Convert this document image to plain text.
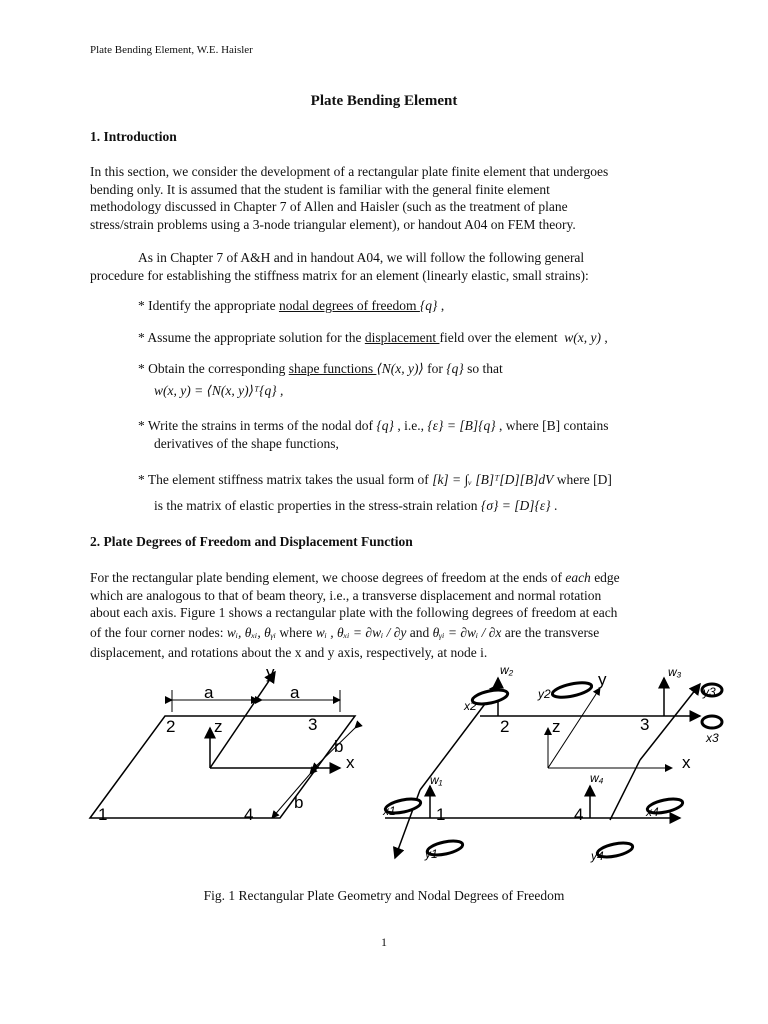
Plate Bending Element, W.E. Haisler
Plate Bending Element
1. Introduction
In this section, we consider the development of a rectangular plate finite element that undergoes
bending only. It is assumed that the student is familiar with the general finite element
methodology discussed in Chapter 7 of Allen and Haisler (such as the treatment of plane
stress/strain problems using a 3-node triangular element), or handout A04 on FEM theory.
As in Chapter 7 of A&H and in handout A04, we will follow the following general
procedure for establishing the stiffness matrix for an element (linearly elastic, small strains):
* Identify the appropriate nodal degrees of freedom {q} ,
* Assume the appropriate solution for the displacement field over the element w(x, y) ,
* Obtain the corresponding shape functions ⟨N(x, y)⟩ for {q} so that
w(x, y) = ⟨N(x, y)⟩ᵀ{q} ,
* Write the strains in terms of the nodal dof {q} , i.e., {ε} = [B]{q} , where [B] contains
derivatives of the shape functions,
* The element stiffness matrix takes the usual form of [k] = ∫ᵥ [B]ᵀ[D][B]dV where [D]
is the matrix of elastic properties in the stress-strain relation {σ} = [D]{ε} .
2. Plate Degrees of Freedom and Displacement Function
For the rectangular plate bending element, we choose degrees of freedom at the ends of each edge
which are analogous to that of beam theory, i.e., a transverse displacement and normal rotation
about each axis. Figure 1 shows a rectangular plate with the following degrees of freedom at each
of the four corner nodes: wᵢ, θₓᵢ, θᵧᵢ where wᵢ , θₓᵢ = ∂wᵢ / ∂y and θᵧᵢ = ∂wᵢ / ∂x are the transverse
displacement, and rotations about the x and y axis, respectively, at node i.
a	a
b
b
y
x
z
1
2	3
4
y
x
z
1
2	3
4
w₁
w₂	w₃
w₄
x1
x2
x3
x4
y1
y2	y3
y4
Fig. 1 Rectangular Plate Geometry and Nodal Degrees of Freedom
1
